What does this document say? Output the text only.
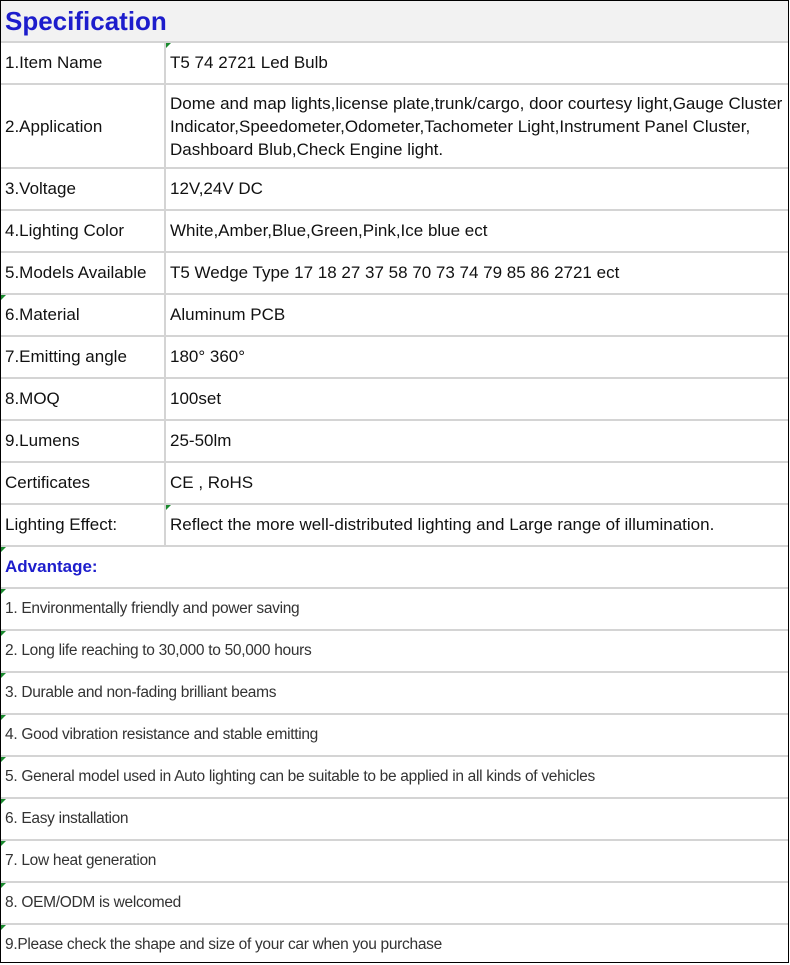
Specification
1.Item Name	T5 74 2721 Led Bulb
2.Application	Dome and map lights,license plate,trunk/cargo, door courtesy light,Gauge Cluster Indicator,Speedometer,Odometer,Tachometer Light,Instrument Panel Cluster, Dashboard Blub,Check Engine light.
3.Voltage	12V,24V DC
4.Lighting Color	White,Amber,Blue,Green,Pink,Ice blue ect
5.Models Available	T5 Wedge Type 17 18 27 37 58 70 73 74 79 85 86 2721 ect

6.Material	Aluminum PCB
7.Emitting angle	180° 360°
8.MOQ	100set
9.Lumens	25-50lm
Certificates	CE , RoHS
Lighting Effect:	Reflect the more well-distributed lighting and Large range of illumination.
Advantage:

1. Environmentally friendly and power saving

2. Long life reaching to 30,000 to 50,000 hours

3. Durable and non-fading brilliant beams

4. Good vibration resistance and stable emitting

5. General model used in Auto lighting can be suitable to be applied in all kinds of vehicles

6. Easy installation

7. Low heat generation

8. OEM/ODM is welcomed

9.Please check the shape and size of your car when you purchase
